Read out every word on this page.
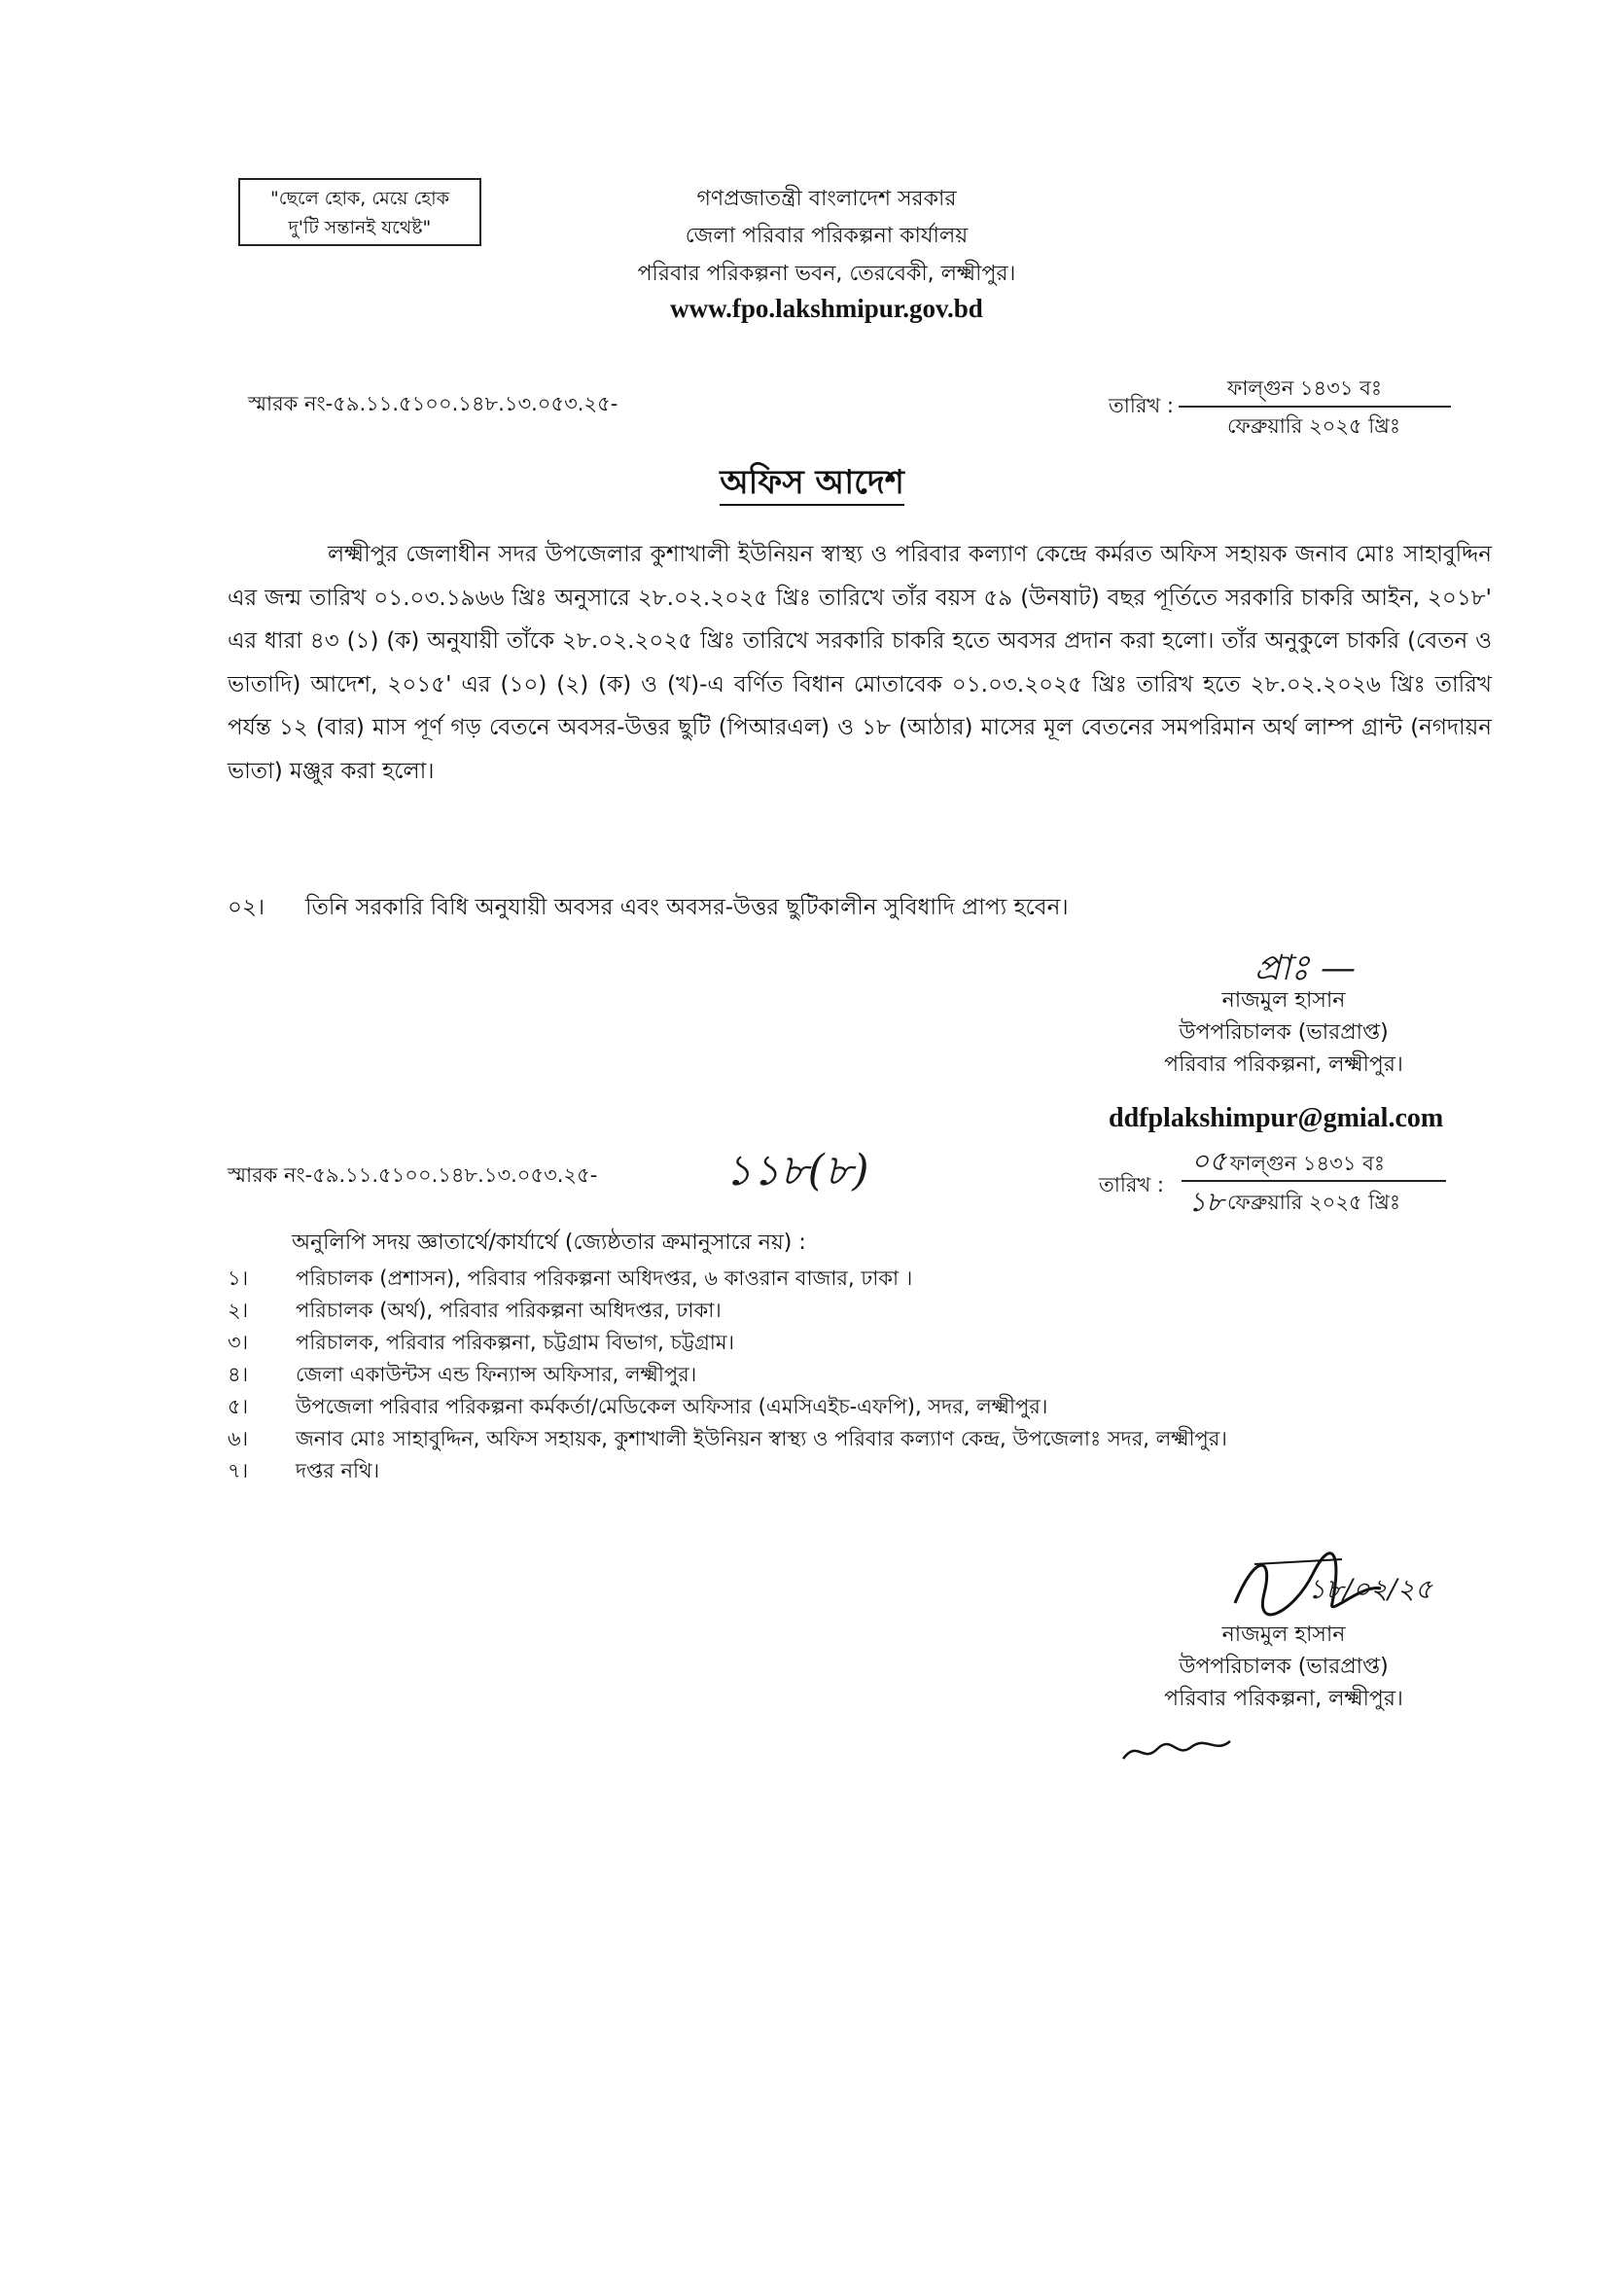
"ছেলে হোক, মেয়ে হোক
দু'টি সন্তানই যথেষ্ট"
গণপ্রজাতন্ত্রী বাংলাদেশ সরকার
জেলা পরিবার পরিকল্পনা কার্যালয়
পরিবার পরিকল্পনা ভবন, তেরবেকী, লক্ষ্মীপুর।
www.fpo.lakshmipur.gov.bd
স্মারক নং-৫৯.১১.৫১০০.১৪৮.১৩.০৫৩.২৫-	তারিখ :
ফাল্গুন ১৪৩১ বঃ
ফেব্রুয়ারি ২০২৫ খ্রিঃ
অফিস আদেশ
লক্ষ্মীপুর জেলাধীন সদর উপজেলার কুশাখালী ইউনিয়ন স্বাস্থ্য ও পরিবার কল্যাণ কেন্দ্রে কর্মরত অফিস সহায়ক জনাব মোঃ সাহাবুদ্দিন এর জন্ম তারিখ ০১.০৩.১৯৬৬ খ্রিঃ অনুসারে ২৮.০২.২০২৫ খ্রিঃ তারিখে তাঁর বয়স ৫৯ (উনষাট) বছর পূর্তিতে সরকারি চাকরি আইন, ২০১৮' এর ধারা ৪৩ (১) (ক) অনুযায়ী তাঁকে ২৮.০২.২০২৫ খ্রিঃ তারিখে সরকারি চাকরি হতে অবসর প্রদান করা হলো। তাঁর অনুকুলে চাকরি (বেতন ও ভাতাদি) আদেশ, ২০১৫' এর (১০) (২) (ক) ও (খ)-এ বর্ণিত বিধান মোতাবেক ০১.০৩.২০২৫ খ্রিঃ তারিখ হতে ২৮.০২.২০২৬ খ্রিঃ তারিখ পর্যন্ত ১২ (বার) মাস পূর্ণ গড় বেতনে অবসর-উত্তর ছুটি (পিআরএল) ও ১৮ (আঠার) মাসের মূল বেতনের সমপরিমান অর্থ লাম্প গ্রান্ট (নগদায়ন ভাতা) মঞ্জুর করা হলো।
০২। তিনি সরকারি বিধি অনুযায়ী অবসর এবং অবসর-উত্তর ছুটিকালীন সুবিধাদি প্রাপ্য হবেন।
প্রাঃ —
নাজমুল হাসান
উপপরিচালক (ভারপ্রাপ্ত)
পরিবার পরিকল্পনা, লক্ষ্মীপুর।
ddfplakshimpur@gmial.com
স্মারক নং-৫৯.১১.৫১০০.১৪৮.১৩.০৫৩.২৫-	১১৮(৮)	তারিখ :
০৫ ফাল্গুন ১৪৩১ বঃ
১৮ ফেব্রুয়ারি ২০২৫ খ্রিঃ
অনুলিপি সদয় জ্ঞাতার্থে/কার্যার্থে (জ্যেষ্ঠতার ক্রমানুসারে নয়) :
১। পরিচালক (প্রশাসন), পরিবার পরিকল্পনা অধিদপ্তর, ৬ কাওরান বাজার, ঢাকা ।
২। পরিচালক (অর্থ), পরিবার পরিকল্পনা অধিদপ্তর, ঢাকা।
৩। পরিচালক, পরিবার পরিকল্পনা, চট্টগ্রাম বিভাগ, চট্টগ্রাম।
৪। জেলা একাউন্টস এন্ড ফিন্যান্স অফিসার, লক্ষ্মীপুর।
৫। উপজেলা পরিবার পরিকল্পনা কর্মকর্তা/মেডিকেল অফিসার (এমসিএইচ-এফপি), সদর, লক্ষ্মীপুর।
৬। জনাব মোঃ সাহাবুদ্দিন, অফিস সহায়ক, কুশাখালী ইউনিয়ন স্বাস্থ্য ও পরিবার কল্যাণ কেন্দ্র, উপজেলাঃ সদর, লক্ষ্মীপুর।
৭। দপ্তর নথি।
১৮/০২/২৫
নাজমুল হাসান
উপপরিচালক (ভারপ্রাপ্ত)
পরিবার পরিকল্পনা, লক্ষ্মীপুর।
